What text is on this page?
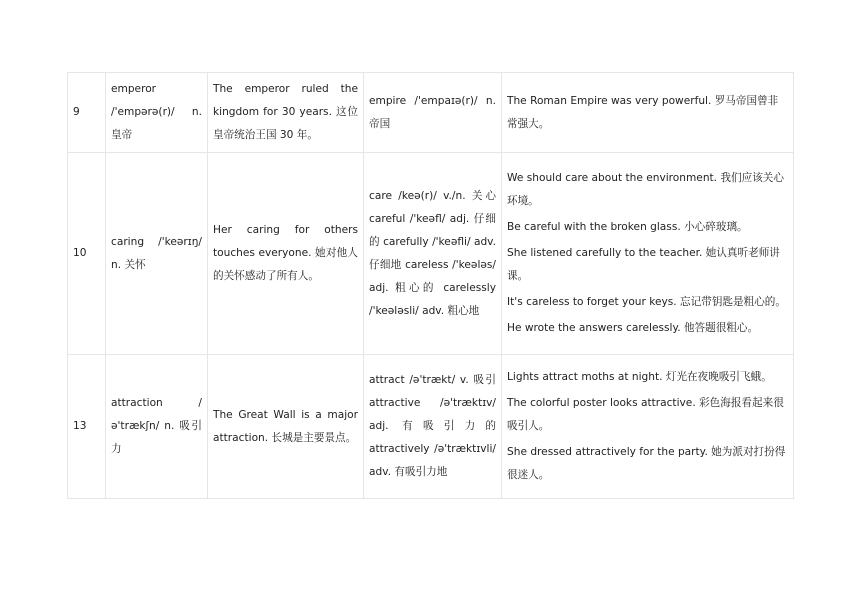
9	emperor /'empərə(r)/ n. 皇帝	The emperor ruled the kingdom for 30 years. 这位皇帝统治王国 30 年。	empire /'empaɪə(r)/ n. 帝国	The Roman Empire was very powerful. 罗马帝国曾非常强大。

10	caring /'keərɪŋ/ n. 关怀	Her caring for others touches everyone. 她对他人的关怀感动了所有人。	care /keə(r)/ v./n. 关心 careful /'keəfl/ adj. 仔细的 carefully /'keəfli/ adv. 仔细地 careless /'keələs/ adj. 粗心的 carelessly /'keələsli/ adv. 粗心地	We should care about the environment. 我们应该关心环境。
Be careful with the broken glass. 小心碎玻璃。
She listened carefully to the teacher. 她认真听老师讲课。
It's careless to forget your keys. 忘记带钥匙是粗心的。
He wrote the answers carelessly. 他答题很粗心。

13	attraction /ə'trækʃn/ n. 吸引力	The Great Wall is a major attraction. 长城是主要景点。	attract /ə'trækt/ v. 吸引 attractive /ə'træktɪv/ adj. 有吸引力的 attractively /ə'træktɪvli/ adv. 有吸引力地	Lights attract moths at night. 灯光在夜晚吸引飞蛾。
The colorful poster looks attractive. 彩色海报看起来很吸引人。
She dressed attractively for the party. 她为派对打扮得很迷人。
